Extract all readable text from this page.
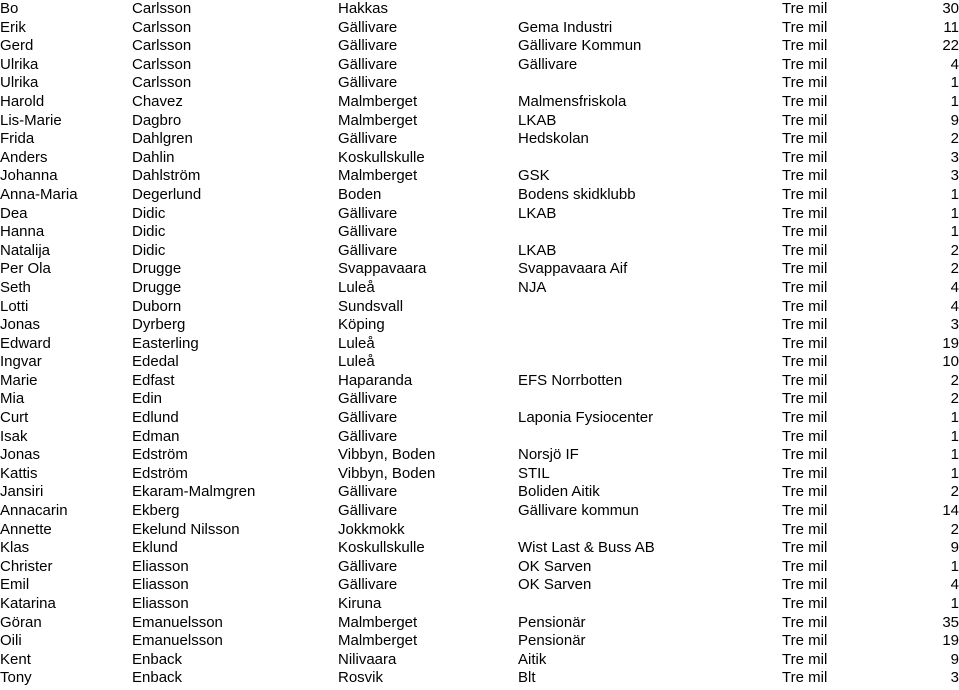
Bo	Carlsson	Hakkas		Tre mil	30
Erik	Carlsson	Gällivare	Gema Industri	Tre mil	11
Gerd	Carlsson	Gällivare	Gällivare Kommun	Tre mil	22
Ulrika	Carlsson	Gällivare	Gällivare	Tre mil	4
Ulrika	Carlsson	Gällivare		Tre mil	1
Harold	Chavez	Malmberget	Malmensfriskola	Tre mil	1
Lis-Marie	Dagbro	Malmberget	LKAB	Tre mil	9
Frida	Dahlgren	Gällivare	Hedskolan	Tre mil	2
Anders	Dahlin	Koskullskulle		Tre mil	3
Johanna	Dahlström	Malmberget	GSK	Tre mil	3
Anna-Maria	Degerlund	Boden	Bodens skidklubb	Tre mil	1
Dea	Didic	Gällivare	LKAB	Tre mil	1
Hanna	Didic	Gällivare		Tre mil	1
Natalija	Didic	Gällivare	LKAB	Tre mil	2
Per Ola	Drugge	Svappavaara	Svappavaara Aif	Tre mil	2
Seth	Drugge	Luleå	NJA	Tre mil	4
Lotti	Duborn	Sundsvall		Tre mil	4
Jonas	Dyrberg	Köping		Tre mil	3
Edward	Easterling	Luleå		Tre mil	19
Ingvar	Ededal	Luleå		Tre mil	10
Marie	Edfast	Haparanda	EFS Norrbotten	Tre mil	2
Mia	Edin	Gällivare		Tre mil	2
Curt	Edlund	Gällivare	Laponia Fysiocenter	Tre mil	1
Isak	Edman	Gällivare		Tre mil	1
Jonas	Edström	Vibbyn, Boden	Norsjö IF	Tre mil	1
Kattis	Edström	Vibbyn, Boden	STIL	Tre mil	1
Jansiri	Ekaram-Malmgren	Gällivare	Boliden Aitik	Tre mil	2
Annacarin	Ekberg	Gällivare	Gällivare kommun	Tre mil	14
Annette	Ekelund Nilsson	Jokkmokk		Tre mil	2
Klas	Eklund	Koskullskulle	Wist Last & Buss AB	Tre mil	9
Christer	Eliasson	Gällivare	OK Sarven	Tre mil	1
Emil	Eliasson	Gällivare	OK Sarven	Tre mil	4
Katarina	Eliasson	Kiruna		Tre mil	1
Göran	Emanuelsson	Malmberget	Pensionär	Tre mil	35
Oili	Emanuelsson	Malmberget	Pensionär	Tre mil	19
Kent	Enback	Nilivaara	Aitik	Tre mil	9
Tony	Enback	Rosvik	Blt	Tre mil	3
